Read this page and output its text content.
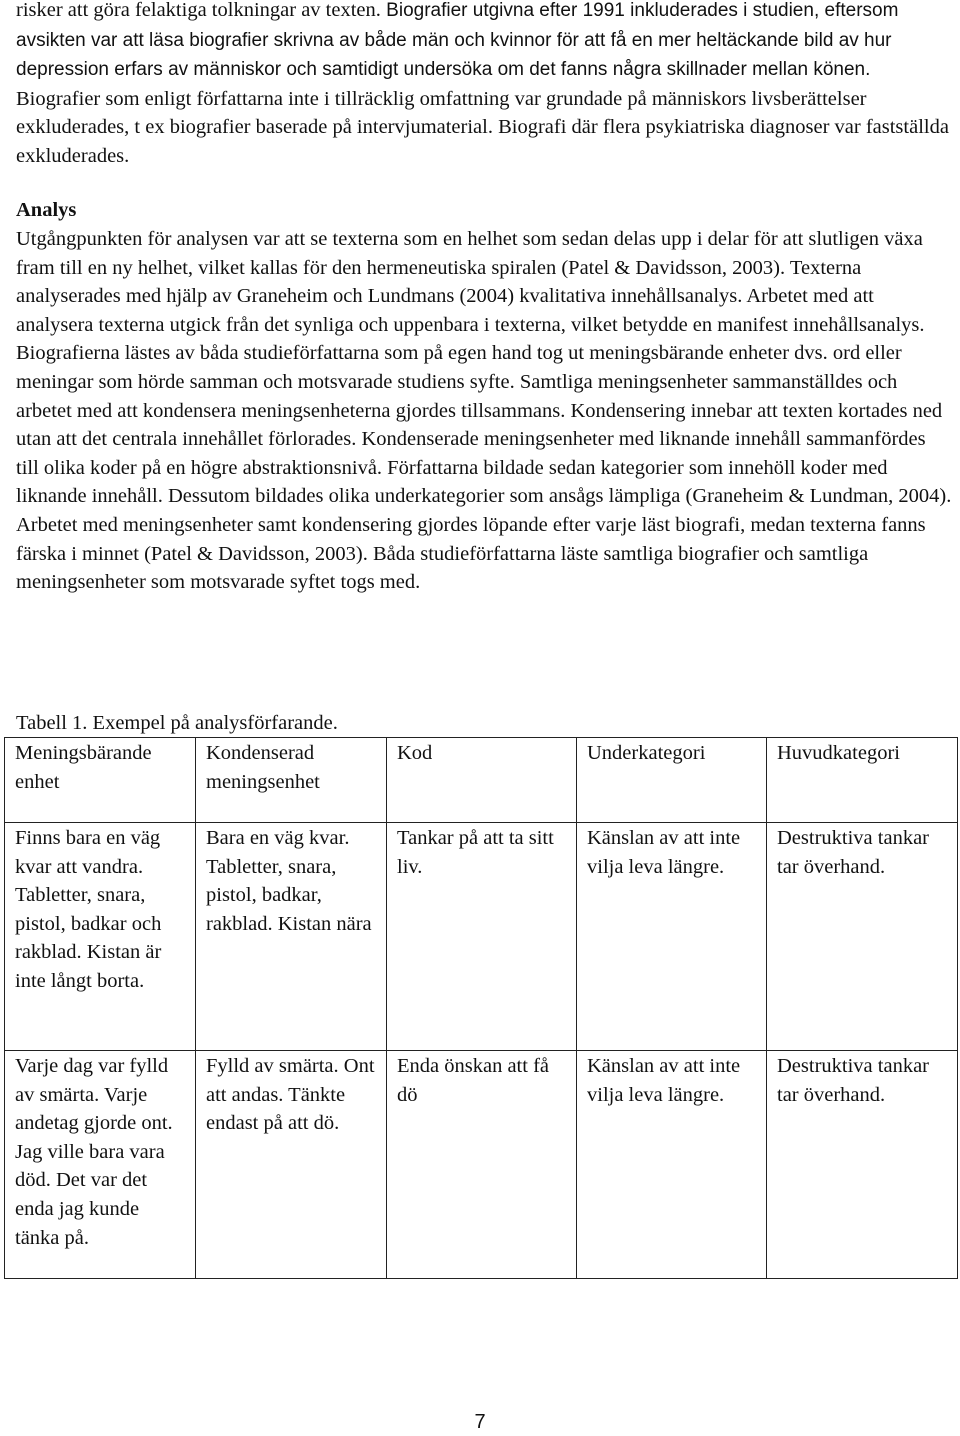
risker att göra felaktiga tolkningar av texten. Biografier utgivna efter 1991 inkluderades i studien, eftersom avsikten var att läsa biografier skrivna av både män och kvinnor för att få en mer heltäckande bild av hur depression erfars av människor och samtidigt undersöka om det fanns några skillnader mellan könen. Biografier som enligt författarna inte i tillräcklig omfattning var grundade på människors livsberättelser exkluderades, t ex biografier baserade på intervjumaterial. Biografi där flera psykiatriska diagnoser var fastställda exkluderades.

Analys

Utgångpunkten för analysen var att se texterna som en helhet som sedan delas upp i delar för att slutligen växa fram till en ny helhet, vilket kallas för den hermeneutiska spiralen (Patel & Davidsson, 2003). Texterna analyserades med hjälp av Graneheim och Lundmans (2004) kvalitativa innehållsanalys. Arbetet med att analysera texterna utgick från det synliga och uppenbara i texterna, vilket betydde en manifest innehållsanalys. Biografierna lästes av båda studieförfattarna som på egen hand tog ut meningsbärande enheter dvs. ord eller meningar som hörde samman och motsvarade studiens syfte. Samtliga meningsenheter sammanställdes och arbetet med att kondensera meningsenheterna gjordes tillsammans. Kondensering innebar att texten kortades ned utan att det centrala innehållet förlorades. Kondenserade meningsenheter med liknande innehåll sammanfördes till olika koder på en högre abstraktionsnivå. Författarna bildade sedan kategorier som innehöll koder med liknande innehåll. Dessutom bildades olika underkategorier som ansågs lämpliga (Graneheim & Lundman, 2004). Arbetet med meningsenheter samt kondensering gjordes löpande efter varje läst biografi, medan texterna fanns färska i minnet (Patel & Davidsson, 2003). Båda studieförfattarna läste samtliga biografier och samtliga meningsenheter som motsvarade syftet togs med.

Tabell 1. Exempel på analysförfarande.

Meningsbärande enhet	Kondenserad meningsenhet	Kod	Underkategori	Huvudkategori
Finns bara en väg kvar att vandra. Tabletter, snara, pistol, badkar och rakblad. Kistan är inte långt borta.	Bara en väg kvar. Tabletter, snara, pistol, badkar, rakblad. Kistan nära	Tankar på att ta sitt liv.	Känslan av att inte vilja leva längre.	Destruktiva tankar tar överhand.
Varje dag var fylld av smärta. Varje andetag gjorde ont. Jag ville bara vara död. Det var det enda jag kunde tänka på.	Fylld av smärta. Ont att andas. Tänkte endast på att dö.	Enda önskan att få dö	Känslan av att inte vilja leva längre.	Destruktiva tankar tar överhand.
7
